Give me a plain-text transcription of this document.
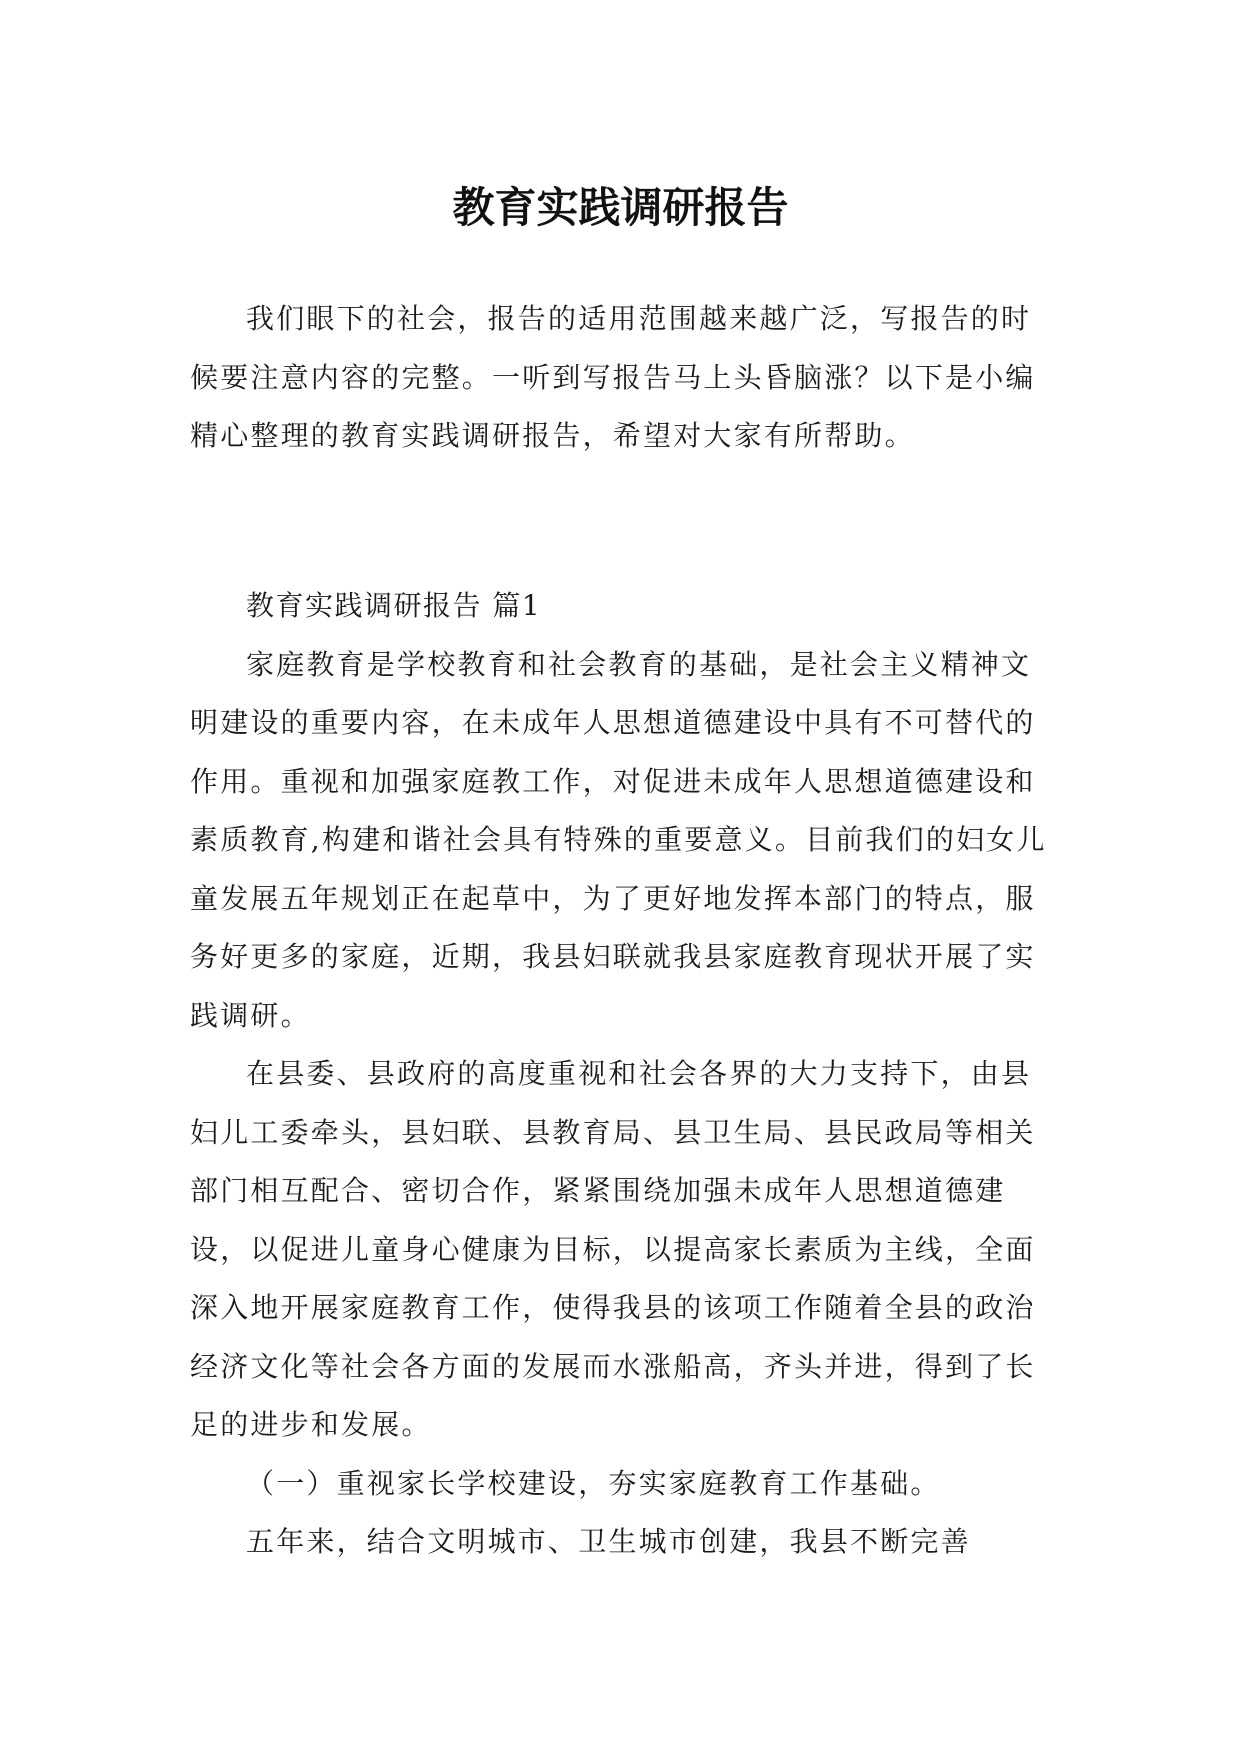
教育实践调研报告

我们眼下的社会，报告的适用范围越来越广泛，写报告的时候要注意内容的完整。一听到写报告马上头昏脑涨？以下是小编精心整理的教育实践调研报告，希望对大家有所帮助。

教育实践调研报告 篇1

家庭教育是学校教育和社会教育的基础，是社会主义精神文明建设的重要内容，在未成年人思想道德建设中具有不可替代的作用。重视和加强家庭教工作，对促进未成年人思想道德建设和素质教育,构建和谐社会具有特殊的重要意义。目前我们的妇女儿童发展五年规划正在起草中，为了更好地发挥本部门的特点，服务好更多的家庭，近期，我县妇联就我县家庭教育现状开展了实践调研。

在县委、县政府的高度重视和社会各界的大力支持下，由县妇儿工委牵头，县妇联、县教育局、县卫生局、县民政局等相关部门相互配合、密切合作，紧紧围绕加强未成年人思想道德建设，以促进儿童身心健康为目标，以提高家长素质为主线，全面深入地开展家庭教育工作，使得我县的该项工作随着全县的政治经济文化等社会各方面的发展而水涨船高，齐头并进，得到了长足的进步和发展。

（一）重视家长学校建设，夯实家庭教育工作基础。

五年来，结合文明城市、卫生城市创建，我县不断完善
